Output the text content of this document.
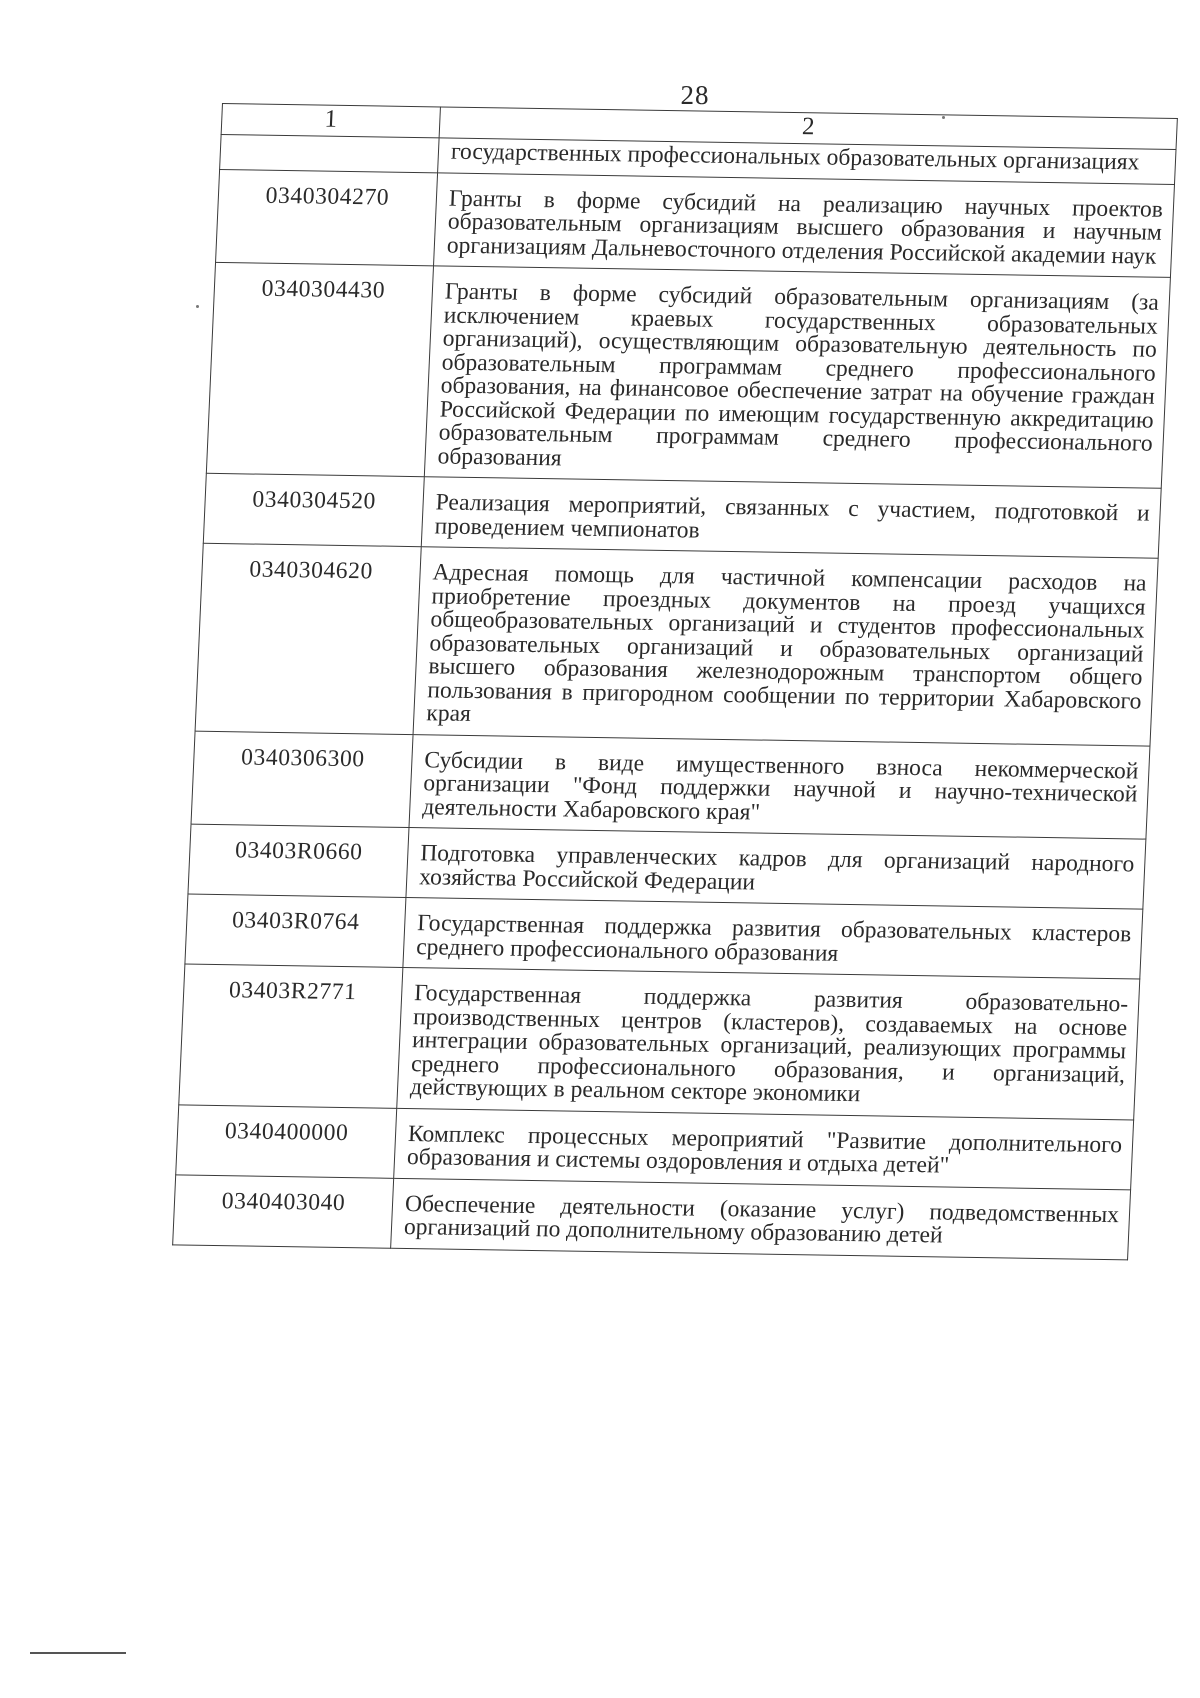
28
1	2
	государственных профессиональных образовательных организациях
0340304270	Гранты в форме субсидий на реализацию научных проектов образовательным организациям высшего образования и научным организациям Дальневосточного отделения Российской академии наук
0340304430	Гранты в форме субсидий образовательным организациям (за исключением краевых государственных образовательных организаций), осуществляющим образовательную деятельность по образовательным программам среднего профессионального образования, на финансовое обеспечение затрат на обучение граждан Российской Федерации по имеющим государственную аккредитацию образовательным программам среднего профессионального образования
0340304520	Реализация мероприятий, связанных с участием, подготовкой и проведением чемпионатов
0340304620	Адресная помощь для частичной компенсации расходов на приобретение проездных документов на проезд учащихся общеобразовательных организаций и студентов профессиональных образовательных организаций и образовательных организаций высшего образования железнодорожным транспортом общего пользования в пригородном сообщении по территории Хабаровского края
0340306300	Субсидии в виде имущественного взноса некоммерческой организации "Фонд поддержки научной и научно-технической деятельности Хабаровского края"
03403R0660	Подготовка управленческих кадров для организаций народного хозяйства Российской Федерации
03403R0764	Государственная поддержка развития образовательных кластеров среднего профессионального образования
03403R2771	Государственная поддержка развития образовательно-производственных центров (кластеров), создаваемых на основе интеграции образовательных организаций, реализующих программы среднего профессионального образования, и организаций, действующих в реальном секторе экономики
0340400000	Комплекс процессных мероприятий "Развитие дополнительного образования и системы оздоровления и отдыха детей"
0340403040	Обеспечение деятельности (оказание услуг) подведомственных организаций по дополнительному образованию детей
